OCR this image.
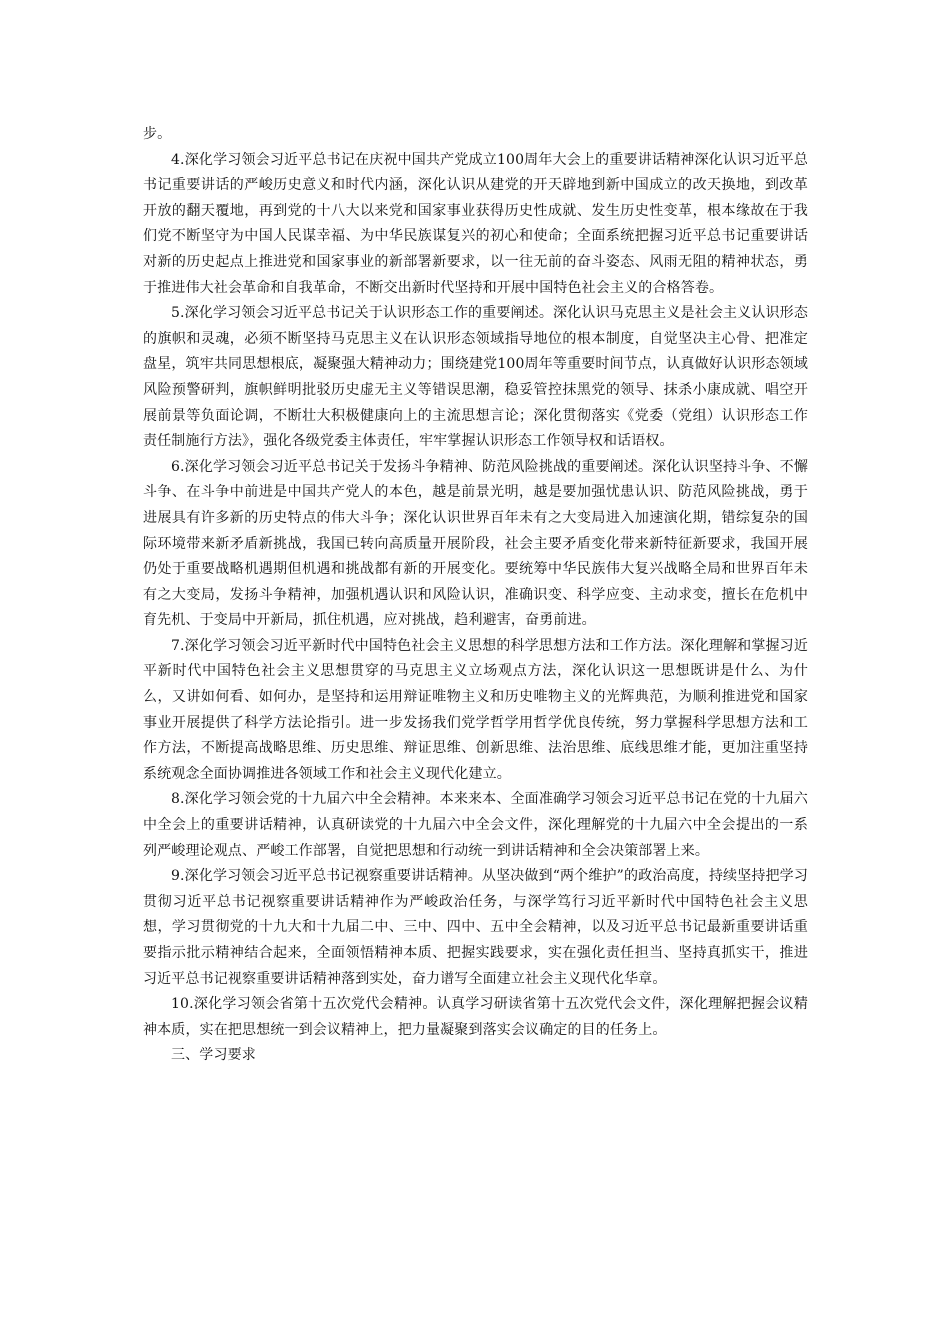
步。

4.深化学习领会习近平总书记在庆祝中国共产党成立100周年大会上的重要讲话精神深化认识习近平总书记重要讲话的严峻历史意义和时代内涵，深化认识从建党的开天辟地到新中国成立的改天换地，到改革开放的翻天覆地，再到党的十八大以来党和国家事业获得历史性成就、发生历史性变革，根本缘故在于我们党不断坚守为中国人民谋幸福、为中华民族谋复兴的初心和使命；全面系统把握习近平总书记重要讲话对新的历史起点上推进党和国家事业的新部署新要求，以一往无前的奋斗姿态、风雨无阻的精神状态，勇于推进伟大社会革命和自我革命，不断交出新时代坚持和开展中国特色社会主义的合格答卷。

5.深化学习领会习近平总书记关于认识形态工作的重要阐述。深化认识马克思主义是社会主义认识形态的旗帜和灵魂，必须不断坚持马克思主义在认识形态领域指导地位的根本制度，自觉坚决主心骨、把准定盘星，筑牢共同思想根底，凝聚强大精神动力；围绕建党100周年等重要时间节点，认真做好认识形态领域风险预警研判，旗帜鲜明批驳历史虚无主义等错误思潮，稳妥管控抹黑党的领导、抹杀小康成就、唱空开展前景等负面论调，不断壮大积极健康向上的主流思想言论；深化贯彻落实《党委（党组）认识形态工作责任制施行方法》，强化各级党委主体责任，牢牢掌握认识形态工作领导权和话语权。

6.深化学习领会习近平总书记关于发扬斗争精神、防范风险挑战的重要阐述。深化认识坚持斗争、不懈斗争、在斗争中前进是中国共产党人的本色，越是前景光明，越是要加强忧患认识、防范风险挑战，勇于进展具有许多新的历史特点的伟大斗争；深化认识世界百年未有之大变局进入加速演化期，错综复杂的国际环境带来新矛盾新挑战，我国已转向高质量开展阶段，社会主要矛盾变化带来新特征新要求，我国开展仍处于重要战略机遇期但机遇和挑战都有新的开展变化。要统筹中华民族伟大复兴战略全局和世界百年未有之大变局，发扬斗争精神，加强机遇认识和风险认识，准确识变、科学应变、主动求变，擅长在危机中育先机、于变局中开新局，抓住机遇，应对挑战，趋利避害，奋勇前进。

7.深化学习领会习近平新时代中国特色社会主义思想的科学思想方法和工作方法。深化理解和掌握习近平新时代中国特色社会主义思想贯穿的马克思主义立场观点方法，深化认识这一思想既讲是什么、为什么，又讲如何看、如何办，是坚持和运用辩证唯物主义和历史唯物主义的光辉典范，为顺利推进党和国家事业开展提供了科学方法论指引。进一步发扬我们党学哲学用哲学优良传统，努力掌握科学思想方法和工作方法，不断提高战略思维、历史思维、辩证思维、创新思维、法治思维、底线思维才能，更加注重坚持系统观念全面协调推进各领域工作和社会主义现代化建立。

8.深化学习领会党的十九届六中全会精神。本来来本、全面准确学习领会习近平总书记在党的十九届六中全会上的重要讲话精神，认真研读党的十九届六中全会文件，深化理解党的十九届六中全会提出的一系列严峻理论观点、严峻工作部署，自觉把思想和行动统一到讲话精神和全会决策部署上来。

9.深化学习领会习近平总书记视察重要讲话精神。从坚决做到“两个维护”的政治高度，持续坚持把学习贯彻习近平总书记视察重要讲话精神作为严峻政治任务，与深学笃行习近平新时代中国特色社会主义思想，学习贯彻党的十九大和十九届二中、三中、四中、五中全会精神，以及习近平总书记最新重要讲话重要指示批示精神结合起来，全面领悟精神本质、把握实践要求，实在强化责任担当、坚持真抓实干，推进习近平总书记视察重要讲话精神落到实处，奋力谱写全面建立社会主义现代化华章。

10.深化学习领会省第十五次党代会精神。认真学习研读省第十五次党代会文件，深化理解把握会议精神本质，实在把思想统一到会议精神上，把力量凝聚到落实会议确定的目的任务上。

三、学习要求
